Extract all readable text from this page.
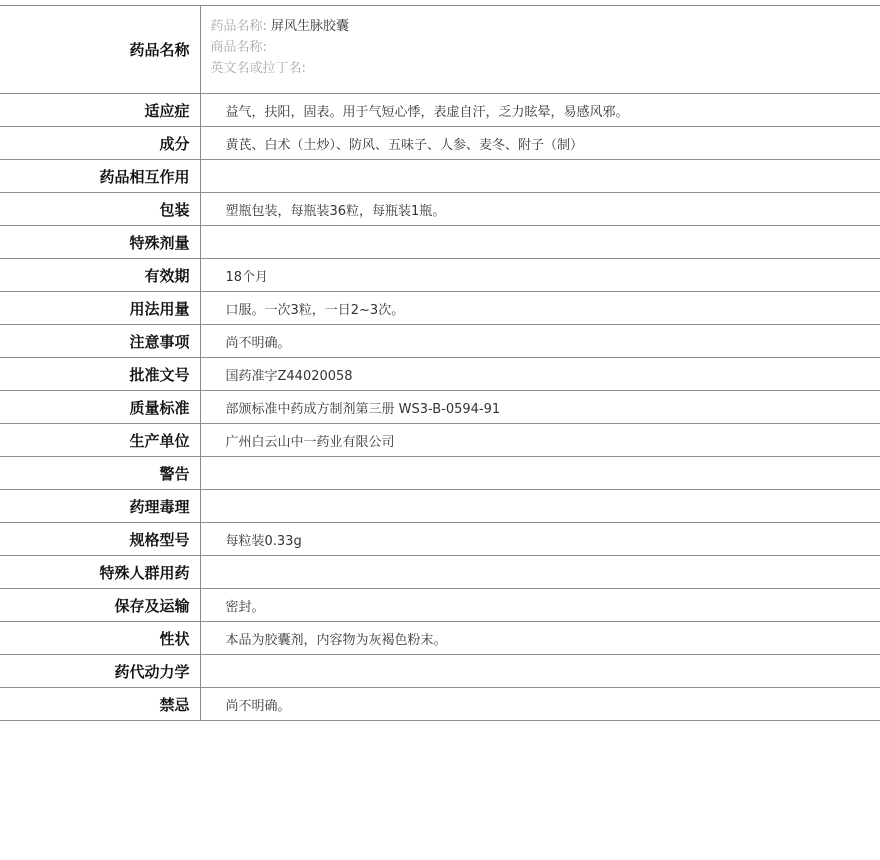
药品名称	药品名称: 屏风生脉胶囊
商品名称:
英文名或拉丁名:

适应症	益气，扶阳，固表。用于气短心悸，表虚自汗，乏力眩晕，易感风邪。
成分	黄芪、白术（土炒）、防风、五味子、人参、麦冬、附子（制）
药品相互作用	
包装	塑瓶包装，每瓶装36粒，每瓶装1瓶。
特殊剂量	
有效期	18个月
用法用量	口服。一次3粒，一日2~3次。
注意事项	尚不明确。
批准文号	国药准字Z44020058
质量标准	部颁标准中药成方制剂第三册 WS3-B-0594-91
生产单位	广州白云山中一药业有限公司
警告	
药理毒理	
规格型号	每粒装0.33g
特殊人群用药	
保存及运输	密封。
性状	本品为胶囊剂，内容物为灰褐色粉末。
药代动力学	
禁忌	尚不明确。
